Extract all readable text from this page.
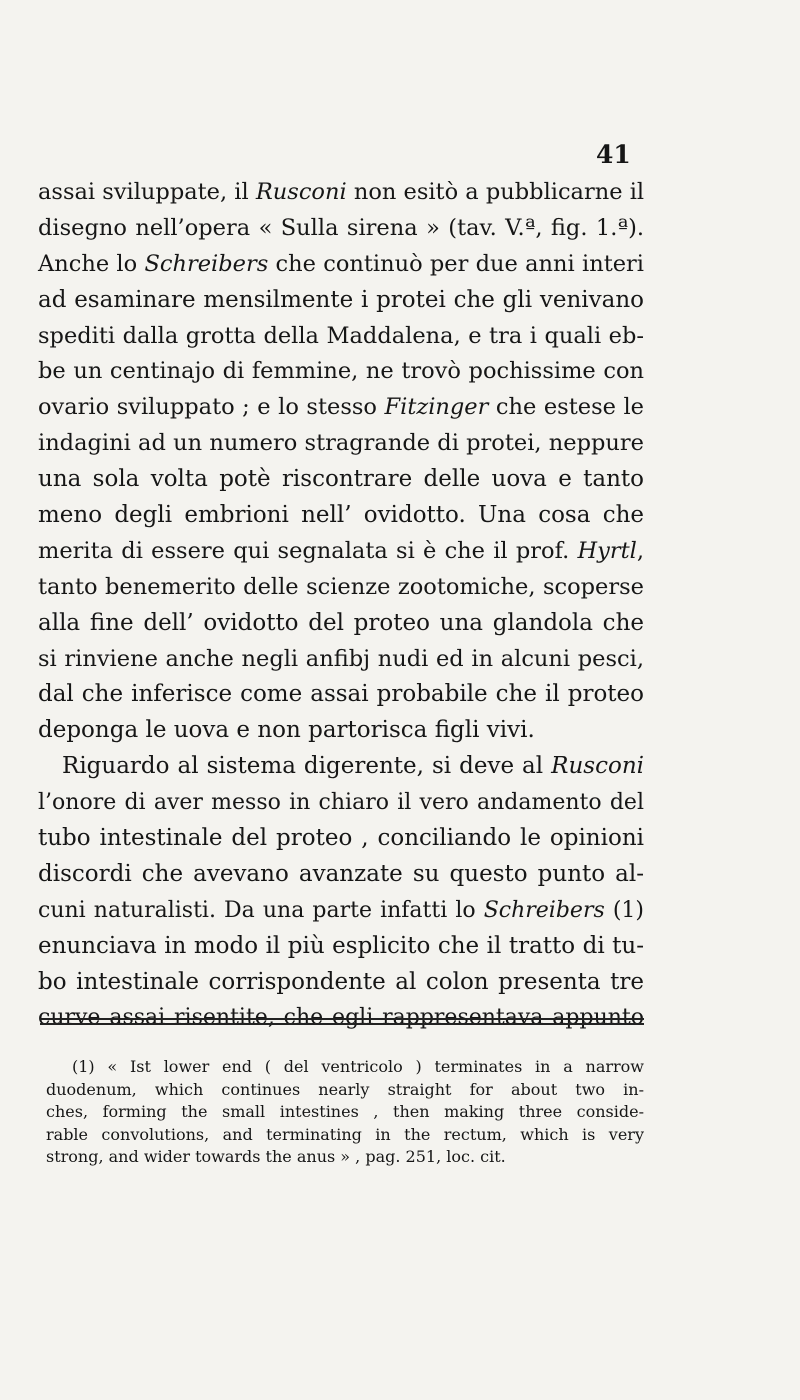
41
assai sviluppate, il Rusconi non esitò a pubblicarne il
disegno nell’opera « Sulla sirena » (tav. V.ª, fig. 1.ª).
Anche lo Schreibers che continuò per due anni interi
ad esaminare mensilmente i protei che gli venivano
spediti dalla grotta della Maddalena, e tra i quali eb-
be un centinajo di femmine, ne trovò pochissime con
ovario sviluppato ; e lo stesso Fitzinger che estese le
indagini ad un numero stragrande di protei, neppure
una sola volta potè riscontrare delle uova e tanto
meno degli embrioni nell’ ovidotto. Una cosa che
merita di essere qui segnalata si è che il prof. Hyrtl,
tanto benemerito delle scienze zootomiche, scoperse
alla fine dell’ ovidotto del proteo una glandola che
si rinviene anche negli anfibj nudi ed in alcuni pesci,
dal che inferisce come assai probabile che il proteo
deponga le uova e non partorisca figli vivi.
Riguardo al sistema digerente, si deve al Rusconi
l’onore di aver messo in chiaro il vero andamento del
tubo intestinale del proteo , conciliando le opinioni
discordi che avevano avanzate su questo punto al-
cuni naturalisti. Da una parte infatti lo Schreibers (1)
enunciava in modo il più esplicito che il tratto di tu-
bo intestinale corrispondente al colon presenta tre
curve assai risentite, che egli rappresentava appunto
(1) « Ist lower end ( del ventricolo ) terminates in a narrow
duodenum, which continues nearly straight for about two in-
ches, forming the small intestines , then making three conside-
rable convolutions, and terminating in the rectum, which is very
strong, and wider towards the anus » , pag. 251, loc. cit.
